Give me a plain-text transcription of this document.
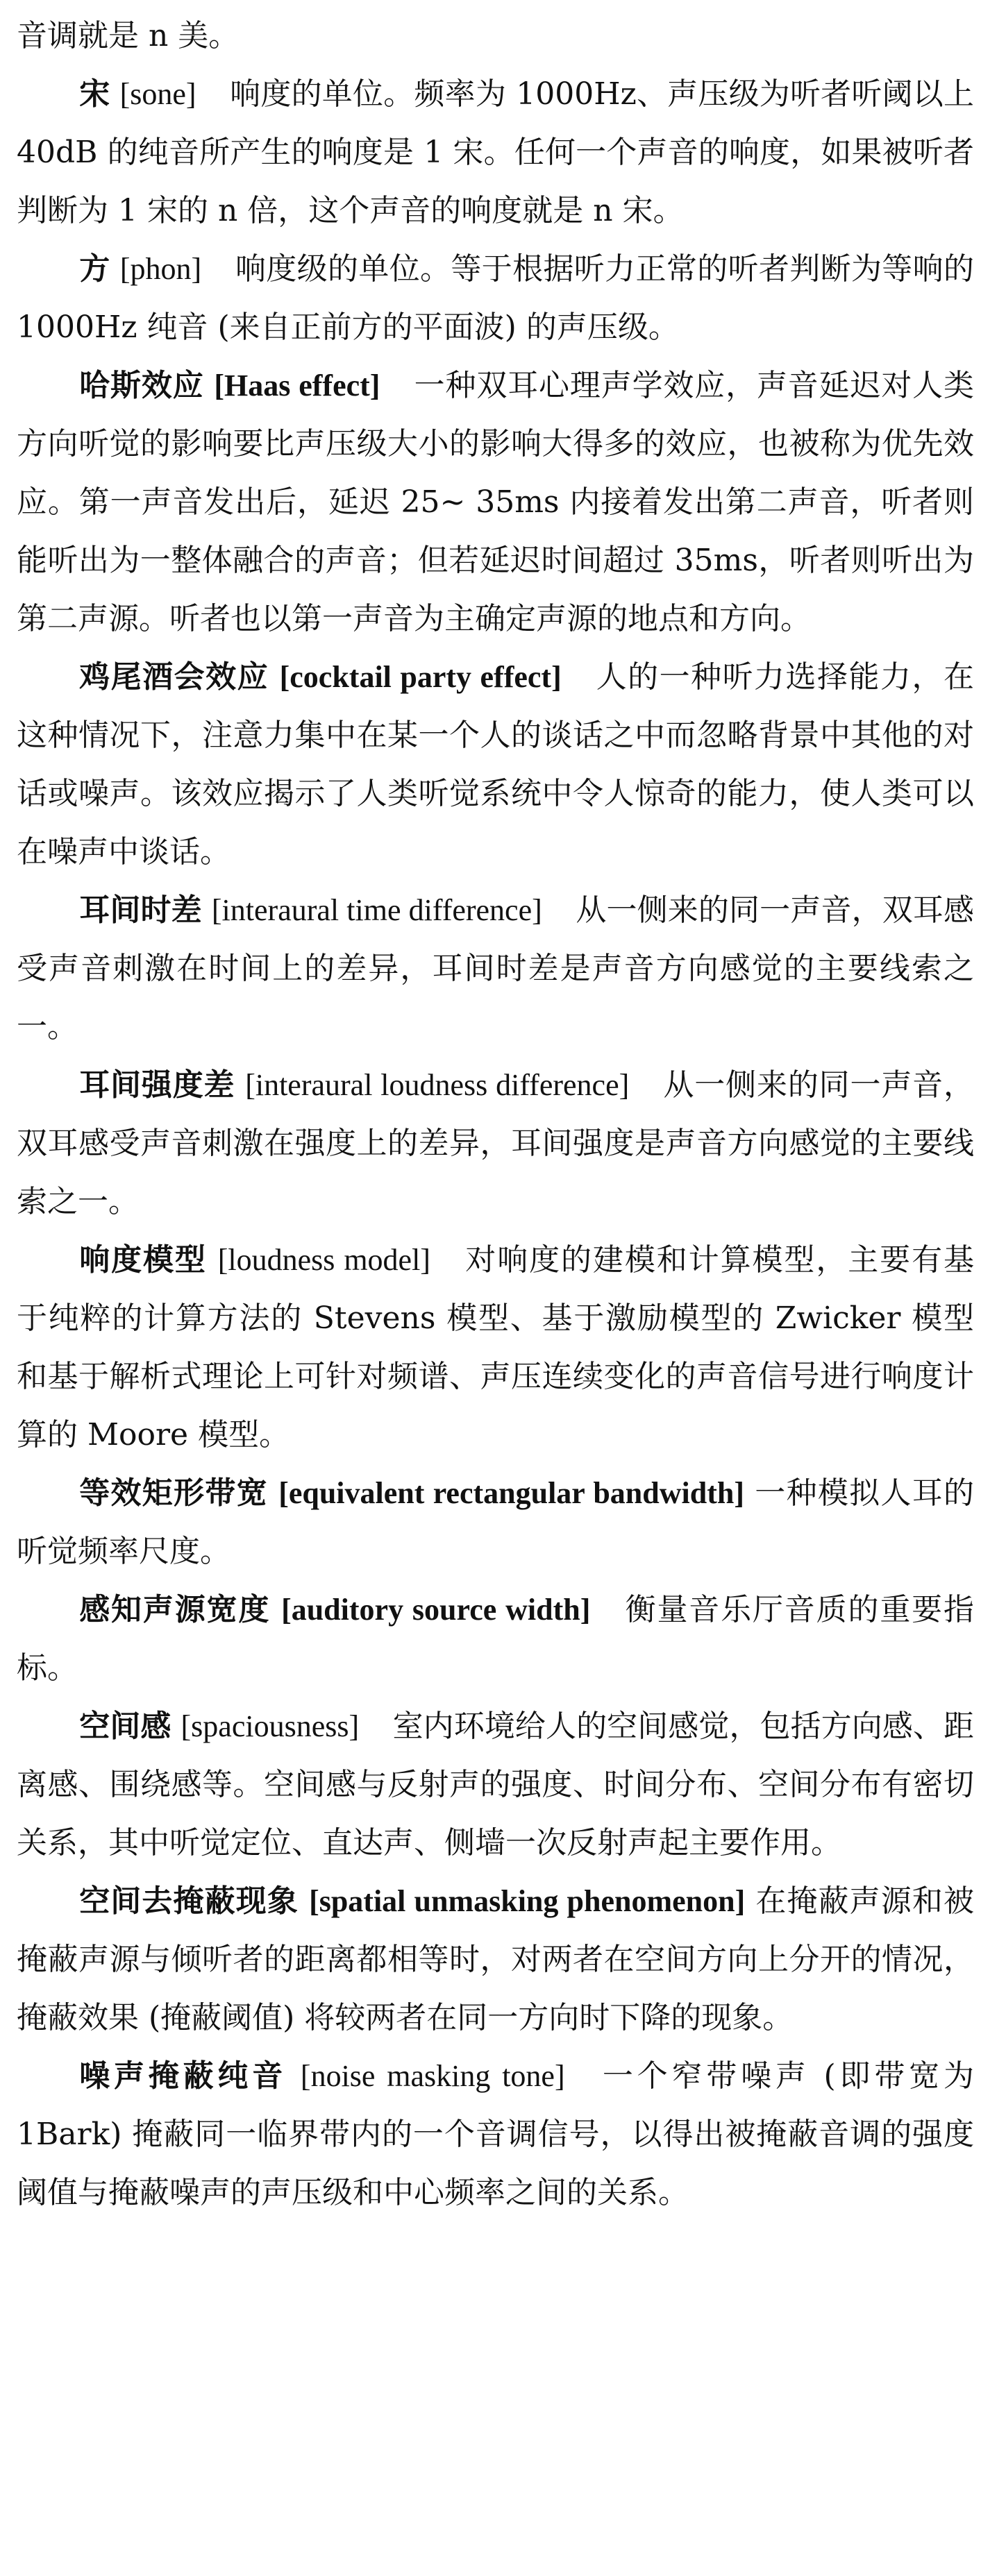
音调就是 n 美。

宋 [sone] 响度的单位。频率为 1000Hz、声压级为听者听阈以上 40dB 的纯音所产生的响度是 1 宋。任何一个声音的响度，如果被听者判断为 1 宋的 n 倍，这个声音的响度就是 n 宋。

方 [phon] 响度级的单位。等于根据听力正常的听者判断为等响的 1000Hz 纯音 (来自正前方的平面波) 的声压级。

哈斯效应 [Haas effect] 一种双耳心理声学效应，声音延迟对人类方向听觉的影响要比声压级大小的影响大得多的效应，也被称为优先效应。第一声音发出后，延迟 25∼ 35ms 内接着发出第二声音，听者则能听出为一整体融合的声音；但若延迟时间超过 35ms，听者则听出为第二声源。听者也以第一声音为主确定声源的地点和方向。

鸡尾酒会效应 [cocktail party effect] 人的一种听力选择能力，在这种情况下，注意力集中在某一个人的谈话之中而忽略背景中其他的对话或噪声。该效应揭示了人类听觉系统中令人惊奇的能力，使人类可以在噪声中谈话。

耳间时差 [interaural time difference] 从一侧来的同一声音，双耳感受声音刺激在时间上的差异，耳间时差是声音方向感觉的主要线索之一。

耳间强度差 [interaural loudness difference] 从一侧来的同一声音，双耳感受声音刺激在强度上的差异，耳间强度是声音方向感觉的主要线索之一。

响度模型 [loudness model] 对响度的建模和计算模型，主要有基于纯粹的计算方法的 Stevens 模型、基于激励模型的 Zwicker 模型和基于解析式理论上可针对频谱、声压连续变化的声音信号进行响度计算的 Moore 模型。

等效矩形带宽 [equivalent rectangular bandwidth] 一种模拟人耳的听觉频率尺度。

感知声源宽度 [auditory source width] 衡量音乐厅音质的重要指标。

空间感 [spaciousness] 室内环境给人的空间感觉，包括方向感、距离感、围绕感等。空间感与反射声的强度、时间分布、空间分布有密切关系，其中听觉定位、直达声、侧墙一次反射声起主要作用。

空间去掩蔽现象 [spatial unmasking phenomenon] 在掩蔽声源和被掩蔽声源与倾听者的距离都相等时，对两者在空间方向上分开的情况，掩蔽效果 (掩蔽阈值) 将较两者在同一方向时下降的现象。

噪声掩蔽纯音 [noise masking tone] 一个窄带噪声 (即带宽为 1Bark) 掩蔽同一临界带内的一个音调信号，以得出被掩蔽音调的强度阈值与掩蔽噪声的声压级和中心频率之间的关系。
